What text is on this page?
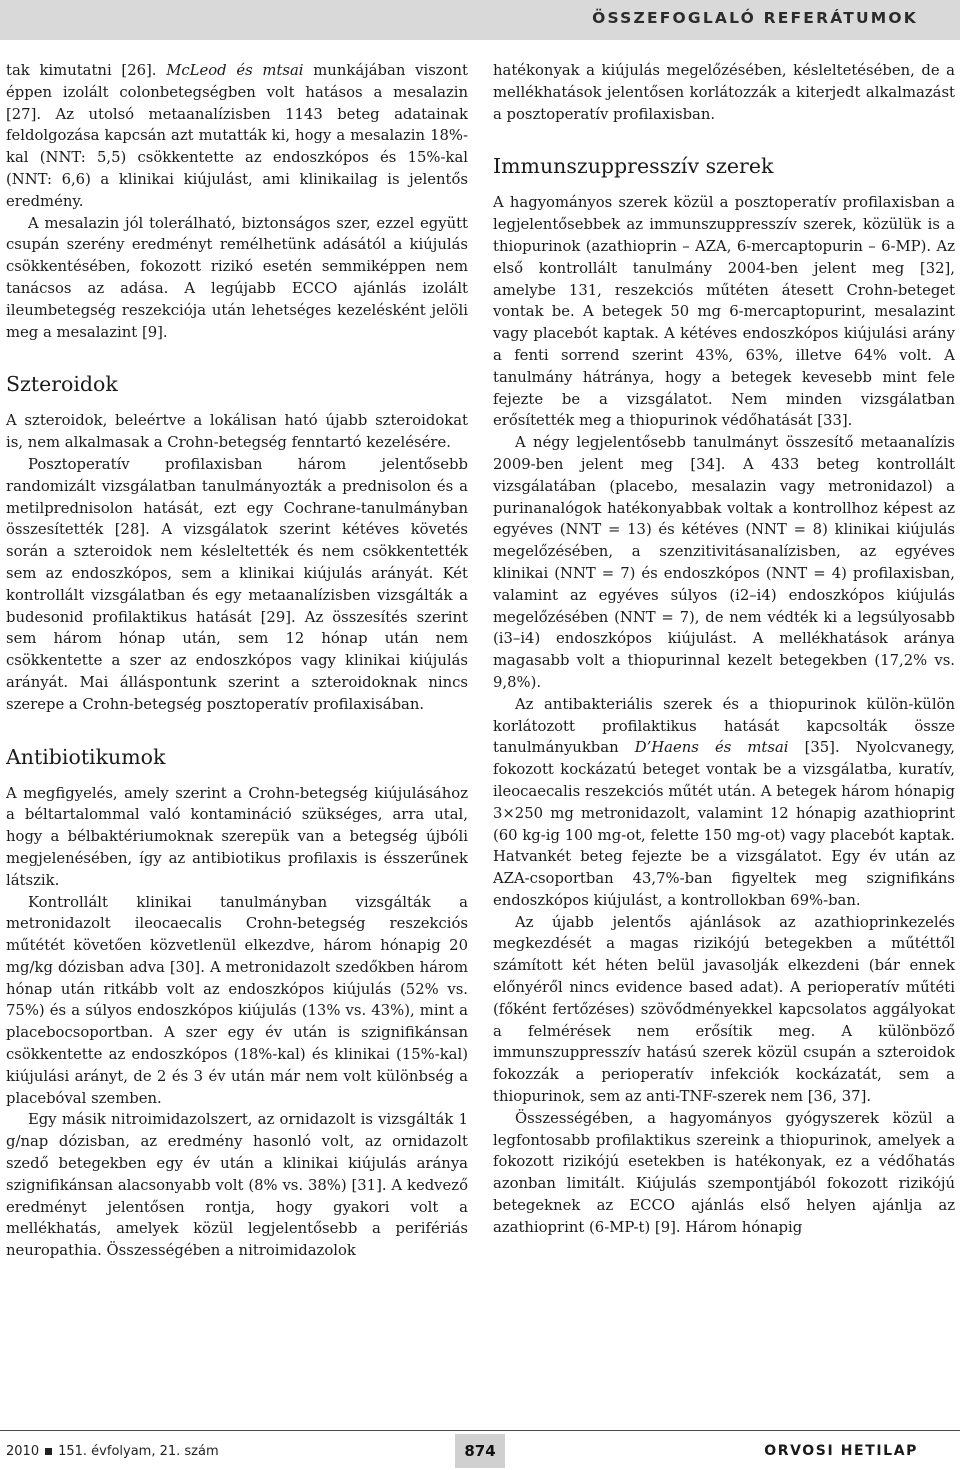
ÖSSZEFOGLALÓ REFERÁTUMOK

tak kimutatni [26]. McLeod és mtsai munkájában viszont éppen izolált colonbetegségben volt hatásos a mesalazin [27]. Az utolsó metaanalízisben 1143 beteg adatainak feldolgozása kapcsán azt mutatták ki, hogy a mesalazin 18%-kal (NNT: 5,5) csökkentette az endoszkópos és 15%-kal (NNT: 6,6) a klinikai kiújulást, ami klinikailag is jelentős eredmény.

A mesalazin jól tolerálható, biztonságos szer, ezzel együtt csupán szerény eredményt remélhetünk adásától a kiújulás csökkentésében, fokozott rizikó esetén semmiképpen nem tanácsos az adása. A legújabb ECCO ajánlás izolált ileumbetegség reszekciója után lehetséges kezelésként jelöli meg a mesalazint [9].

Szteroidok

A szteroidok, beleértve a lokálisan ható újabb szteroidokat is, nem alkalmasak a Crohn-betegség fenntartó kezelésére.

Posztoperatív profilaxisban három jelentősebb randomizált vizsgálatban tanulmányozták a prednisolon és a metilprednisolon hatását, ezt egy Cochrane-tanulmányban összesítették [28]. A vizsgálatok szerint kétéves követés során a szteroidok nem késleltették és nem csökkentették sem az endoszkópos, sem a klinikai kiújulás arányát. Két kontrollált vizsgálatban és egy metaanalízisben vizsgálták a budesonid profilaktikus hatását [29]. Az összesítés szerint sem három hónap után, sem 12 hónap után nem csökkentette a szer az endoszkópos vagy klinikai kiújulás arányát. Mai álláspontunk szerint a szteroidoknak nincs szerepe a Crohn-betegség posztoperatív profilaxisában.

Antibiotikumok

A megfigyelés, amely szerint a Crohn-betegség kiújulásához a béltartalommal való kontamináció szükséges, arra utal, hogy a bélbaktériumoknak szerepük van a betegség újbóli megjelenésében, így az antibiotikus profilaxis is ésszerűnek látszik.

Kontrollált klinikai tanulmányban vizsgálták a metronidazolt ileocaecalis Crohn-betegség reszekciós műtétét követően közvetlenül elkezdve, három hónapig 20 mg/kg dózisban adva [30]. A metronidazolt szedőkben három hónap után ritkább volt az endoszkópos kiújulás (52% vs. 75%) és a súlyos endoszkópos kiújulás (13% vs. 43%), mint a placebocsoportban. A szer egy év után is szignifikánsan csökkentette az endoszkópos (18%-kal) és klinikai (15%-kal) kiújulási arányt, de 2 és 3 év után már nem volt különbség a placebóval szemben.

Egy másik nitroimidazolszert, az ornidazolt is vizsgálták 1 g/nap dózisban, az eredmény hasonló volt, az ornidazolt szedő betegekben egy év után a klinikai kiújulás aránya szignifikánsan alacsonyabb volt (8% vs. 38%) [31]. A kedvező eredményt jelentősen rontja, hogy gyakori volt a mellékhatás, amelyek közül legjelentősebb a perifériás neuropathia. Összességében a nitroimidazolok

hatékonyak a kiújulás megelőzésében, késleltetésében, de a mellékhatások jelentősen korlátozzák a kiterjedt alkalmazást a posztoperatív profilaxisban.

Immunszuppresszív szerek

A hagyományos szerek közül a posztoperatív profilaxisban a legjelentősebbek az immunszuppresszív szerek, közülük is a thiopurinok (azathioprin – AZA, 6-mercaptopurin – 6-MP). Az első kontrollált tanulmány 2004-ben jelent meg [32], amelybe 131, reszekciós műtéten átesett Crohn-beteget vontak be. A betegek 50 mg 6-mercaptopurint, mesalazint vagy placebót kaptak. A kétéves endoszkópos kiújulási arány a fenti sorrend szerint 43%, 63%, illetve 64% volt. A tanulmány hátránya, hogy a betegek kevesebb mint fele fejezte be a vizsgálatot. Nem minden vizsgálatban erősítették meg a thiopurinok védőhatását [33].

A négy legjelentősebb tanulmányt összesítő metaanalízis 2009-ben jelent meg [34]. A 433 beteg kontrollált vizsgálatában (placebo, mesalazin vagy metronidazol) a purinanalógok hatékonyabbak voltak a kontrollhoz képest az egyéves (NNT = 13) és kétéves (NNT = 8) klinikai kiújulás megelőzésében, a szenzitivitásanalízisben, az egyéves klinikai (NNT = 7) és endoszkópos (NNT = 4) profilaxisban, valamint az egyéves súlyos (i2–i4) endoszkópos kiújulás megelőzésében (NNT = 7), de nem védték ki a legsúlyosabb (i3–i4) endoszkópos kiújulást. A mellékhatások aránya magasabb volt a thiopurinnal kezelt betegekben (17,2% vs. 9,8%).

Az antibakteriális szerek és a thiopurinok külön-külön korlátozott profilaktikus hatását kapcsolták össze tanulmányukban D’Haens és mtsai [35]. Nyolcvanegy, fokozott kockázatú beteget vontak be a vizsgálatba, kuratív, ileocaecalis reszekciós műtét után. A betegek három hónapig 3×250 mg metronidazolt, valamint 12 hónapig azathioprint (60 kg-ig 100 mg-ot, felette 150 mg-ot) vagy placebót kaptak. Hatvankét beteg fejezte be a vizsgálatot. Egy év után az AZA-csoportban 43,7%-ban figyeltek meg szignifikáns endoszkópos kiújulást, a kontrollokban 69%-ban.

Az újabb jelentős ajánlások az azathioprinkezelés megkezdését a magas rizikójú betegekben a műtéttől számított két héten belül javasolják elkezdeni (bár ennek előnyéről nincs evidence based adat). A perioperatív műtéti (főként fertőzéses) szövődményekkel kapcsolatos aggályokat a felmérések nem erősítik meg. A különböző immunszuppresszív hatású szerek közül csupán a szteroidok fokozzák a perioperatív infekciók kockázatát, sem a thiopurinok, sem az anti-TNF-szerek nem [36, 37].

Összességében, a hagyományos gyógyszerek közül a legfontosabb profilaktikus szereink a thiopurinok, amelyek a fokozott rizikójú esetekben is hatékonyak, ez a védőhatás azonban limitált. Kiújulás szempontjából fokozott rizikójú betegeknek az ECCO ajánlás első helyen ajánlja az azathioprint (6-MP-t) [9]. Három hónapig

2010 151. évfolyam, 21. szám	874	ORVOSI HETILAP
